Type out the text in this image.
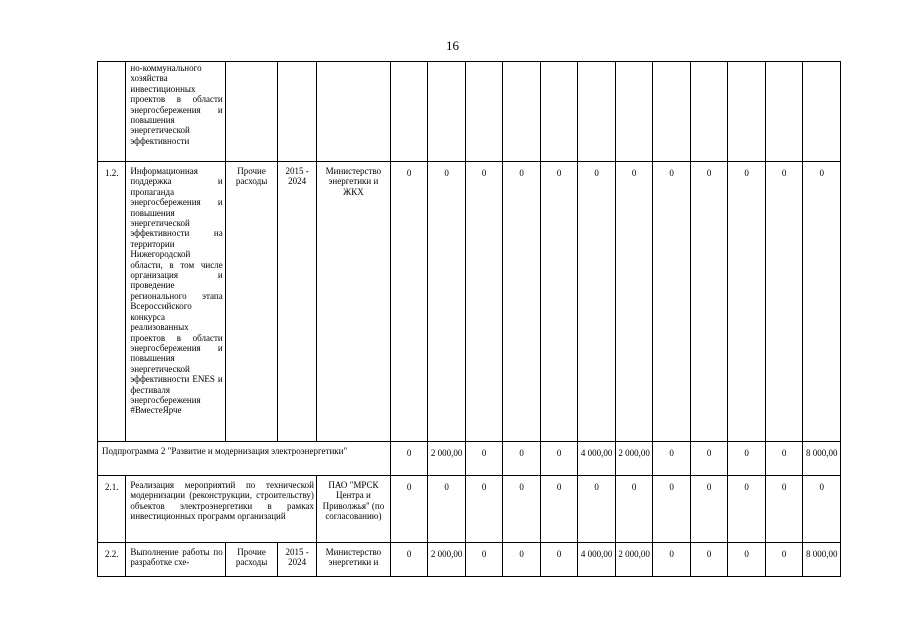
16
	но-коммунального хозяйства инвестиционных проектов в области энергосбережения и повышения энергетической эффективности															
1.2.	Информационная поддержка и пропаганда энергосбережения и повышения энергетической эффективности на территории Нижегородской области, в том числе организация и проведение регионального этапа Всероссийского конкурса реализованных проектов в области энергосбережения и повышения энергетической эффективности ENES и фестиваля энергосбережения #ВместеЯрче	Прочие расходы	2015 - 2024	Министерство энергетики и ЖКХ	0	0	0	0	0	0	0	0	0	0	0	0
Подпрограмма 2 "Развитие и модернизация электроэнергетики"					0	2 000,00	0	0	0	4 000,00	2 000,00	0	0	0	0	8 000,00
2.1.	Реализация мероприятий по технической модернизации (реконструкции, строительству) объектов электроэнергетики в рамках инвестиционных программ организаций			ПАО "МРСК Центра и Приволжья" (по согласованию)	0	0	0	0	0	0	0	0	0	0	0	0
2.2.	Выполнение работы по разработке схе-	Прочие расходы	2015 - 2024	Министерство энергетики и	0	2 000,00	0	0	0	4 000,00	2 000,00	0	0	0	0	8 000,00
